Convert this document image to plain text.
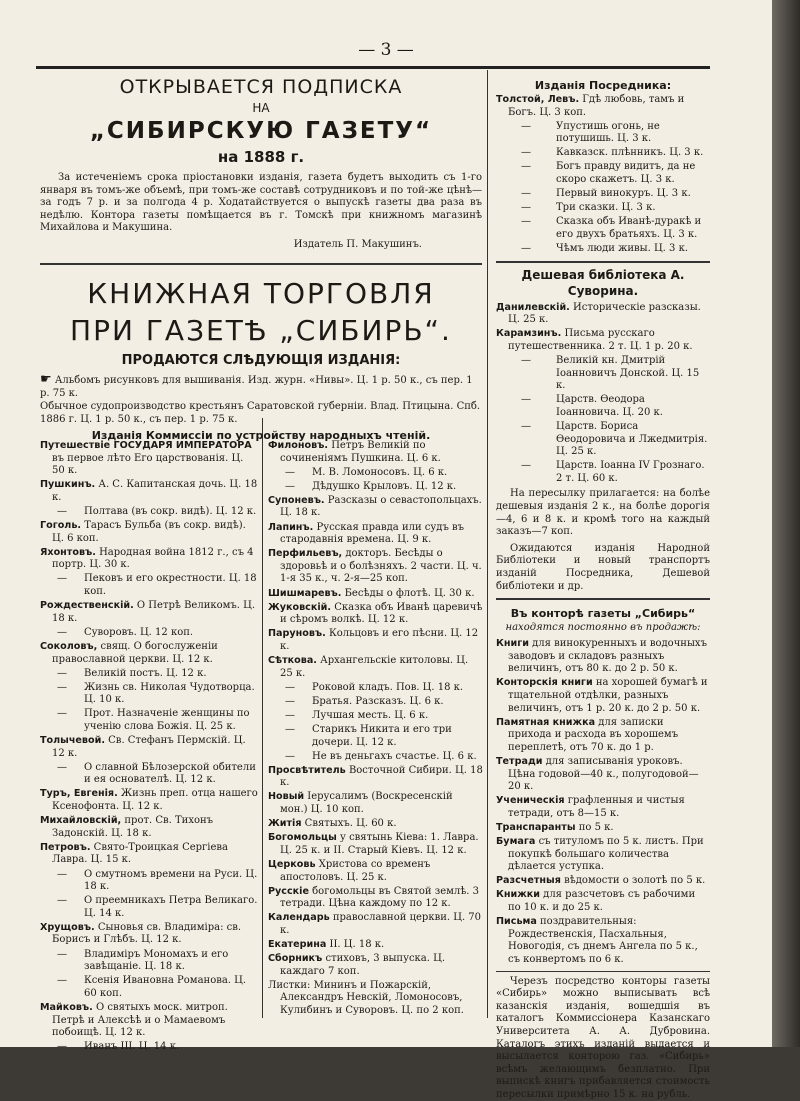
— 3 —
ОТКРЫВАЕТСЯ ПОДПИСКА
НА
„СИБИРСКУЮ ГАЗЕТУ“
на 1888 г.
За истеченіемъ срока пріостановки изданія, газета будетъ выходить съ 1-го января въ томъ-же объемѣ, при томъ-же составѣ сотрудниковъ и по той-же цѣнѣ—за годъ 7 р. и за полгода 4 р. Ходатайствуется о выпускѣ газеты два раза въ недѣлю. Контора газеты помѣщается въ г. Томскѣ при книжномъ магазинѣ Михайлова и Макушина.
Издатель П. Макушинъ.
КНИЖНАЯ ТОРГОВЛЯ
ПРИ ГАЗЕТѢ „СИБИРЬ“.
ПРОДАЮТСЯ СЛѢДУЮЩІЯ ИЗДАНІЯ:
☛ Альбомъ рисунковъ для вышиванія. Изд. журн. «Нивы». Ц. 1 р. 50 к., съ пер. 1 р. 75 к.
Обычное судопроизводство крестьянъ Саратовской губерніи. Влад. Птицына. Спб. 1886 г. Ц. 1 р. 50 к., съ пер. 1 р. 75 к.
Изданія Коммиссіи по устройству народныхъ чтеній.
Путешествіе ГОСУДАРЯ ИМПЕРАТОРА въ первое лѣто Его царствованія. Ц. 50 к.
Пушкинъ. А. С. Капитанская дочь. Ц. 18 к.
—	Полтава (въ сокр. видѣ). Ц. 12 к.
Гоголь. Тарасъ Бульба (въ сокр. видѣ). Ц. 6 коп.
Яхонтовъ. Народная война 1812 г., съ 4 портр. Ц. 30 к.
—	Пековъ и его окрестности. Ц. 18 коп.
Рождественскій. О Петрѣ Великомъ. Ц. 18 к.
—	Суворовъ. Ц. 12 коп.
Соколовъ, свящ. О богослуженіи православной церкви. Ц. 12 к.
—	Великій постъ. Ц. 12 к.
—	Жизнь св. Николая Чудотворца. Ц. 10 к.
—	Прот. Назначеніе женщины по ученію слова Божія. Ц. 25 к.
Толычевой. Св. Стефанъ Пермскій. Ц. 12 к.
—	О славной Бѣлозерской обители и ея основателѣ. Ц. 12 к.
Туръ, Евгенія. Жизнь преп. отца нашего Ксенофонта. Ц. 12 к.
Михайловскій, прот. Св. Тихонъ Задонскій. Ц. 18 к.
Петровъ. Свято-Троицкая Сергіева Лавра. Ц. 15 к.
—	О смутномъ времени на Руси. Ц. 18 к.
—	О преемникахъ Петра Великаго. Ц. 14 к.
Хрущовъ. Сыновья св. Владиміра: св. Борисъ и Глѣбъ. Ц. 12 к.
—	Владиміръ Мономахъ и его завѣщаніе. Ц. 18 к.
—	Ксенія Ивановна Романова. Ц. 60 коп.
Майковъ. О святыхъ моск. митроп. Петрѣ и Алексѣѣ и о Мамаевомъ побоищѣ. Ц. 12 к.
—	Иванъ III. Ц. 14 к.
Филоновъ. Петръ Великій по сочиненіямъ Пушкина. Ц. 6 к.
—	М. В. Ломоносовъ. Ц. 6 к.
—	Дѣдушко Крыловъ. Ц. 12 к.
Супоневъ. Разсказы о севастопольцахъ. Ц. 18 к.
Лапинъ. Русская правда или судъ въ стародавнія времена. Ц. 9 к.
Перфильевъ, докторъ. Бесѣды о здоровьѣ и о болѣзняхъ. 2 части. Ц. ч. 1-я 35 к., ч. 2-я—25 коп.
Шишмаревъ. Бесѣды о флотѣ. Ц. 30 к.
Жуковскій. Сказка объ Иванѣ царевичѣ и сѣромъ волкѣ. Ц. 12 к.
Паруновъ. Кольцовъ и его пѣсни. Ц. 12 к.
Сѣткова. Архангельскіе китоловы. Ц. 25 к.
—	Роковой кладъ. Пов. Ц. 18 к.
—	Братья. Разсказъ. Ц. 6 к.
—	Лучшая месть. Ц. 6 к.
—	Старикъ Никита и его три дочери. Ц. 12 к.
—	Не въ деньгахъ счастье. Ц. 6 к.
Просвѣтитель Восточной Сибири. Ц. 18 к.
Новый Іерусалимъ (Воскресенскій мон.) Ц. 10 коп.
Житія Святыхъ. Ц. 60 к.
Богомольцы у святынь Кіева: 1. Лавра. Ц. 25 к. и II. Старый Кіевъ. Ц. 12 к.
Церковь Христова со временъ апостоловъ. Ц. 25 к.
Русскіе богомольцы въ Святой землѣ. 3 тетради. Цѣна каждому по 12 к.
Календарь православной церкви. Ц. 70 к.
Екатерина II. Ц. 18 к.
Сборникъ стиховъ, 3 выпуска. Ц. каждаго 7 коп.
Листки: Мининъ и Пожарскій, Александръ Невскій, Ломоносовъ, Кулибинъ и Суворовъ. Ц. по 2 коп.
Изданія Посредника:
Толстой, Левъ. Гдѣ любовь, тамъ и Богъ. Ц. 3 коп.
—	Упустишь огонь, не потушишь. Ц. 3 к.
—	Кавказск. плѣнникъ. Ц. 3 к.
—	Богъ правду видитъ, да не скоро скажетъ. Ц. 3 к.
—	Первый винокуръ. Ц. 3 к.
—	Три сказки. Ц. 3 к.
—	Сказка объ Иванѣ-дуракѣ и его двухъ братьяхъ. Ц. 3 к.
—	Чѣмъ люди живы. Ц. 3 к.
Дешевая библіотека А. Суворина.
Данилевскій. Историческіе разсказы. Ц. 25 к.
Карамзинъ. Письма русскаго путешественника. 2 т. Ц. 1 р. 20 к.
—	Великій кн. Дмитрій Іоанновичъ Донской. Ц. 15 к.
—	Царств. Ѳеодора Іоанновича. Ц. 20 к.
—	Царств. Бориса Ѳеодоровича и Лжедмитрія. Ц. 25 к.
—	Царств. Іоанна IV Грознаго. 2 т. Ц. 60 к.
На пересылку прилагается: на болѣе дешевыя изданія 2 к., на болѣе дорогія—4, 6 и 8 к. и кромѣ того на каждый заказъ—7 коп.
Ожидаются изданія Народной Библіотеки и новый транспортъ изданій Посредника, Дешевой библіотеки и др.
Въ конторѣ газеты „Сибирь“
находятся постоянно въ продажѣ:
Книги для винокуренныхъ и водочныхъ заводовъ и складовъ разныхъ величинъ, отъ 80 к. до 2 р. 50 к.
Конторскія книги на хорошей бумагѣ и тщательной отдѣлки, разныхъ величинъ, отъ 1 р. 20 к. до 2 р. 50 к.
Памятная книжка для записки прихода и расхода въ хорошемъ переплетѣ, отъ 70 к. до 1 р.
Тетради для записыванія уроковъ. Цѣна годовой—40 к., полугодовой—20 к.
Ученическія графленныя и чистыя тетради, отъ 8—15 к.
Транспаранты по 5 к.
Бумага съ титуломъ по 5 к. листъ. При покупкѣ большаго количества дѣлается уступка.
Разсчетныя вѣдомости о золотѣ по 5 к.
Книжки для разсчетовъ съ рабочими по 10 к. и до 25 к.
Письма поздравительныя: Рождественскія, Пасхальныя, Новогодія, съ днемъ Ангела по 5 к., съ конвертомъ по 6 к.
Черезъ посредство конторы газеты «Сибирь» можно выписывать всѣ казанскія изданія, вошедшія въ каталогъ Коммиссіонера Казанскаго Университета А. А. Дубровина. Каталогъ этихъ изданій выдается и высылается конторою газ. «Сибирь» всѣмъ желающимъ безплатно. При выпискѣ книгъ прибавляется стоимость пересылки примѣрно 15 к. на рубль.
